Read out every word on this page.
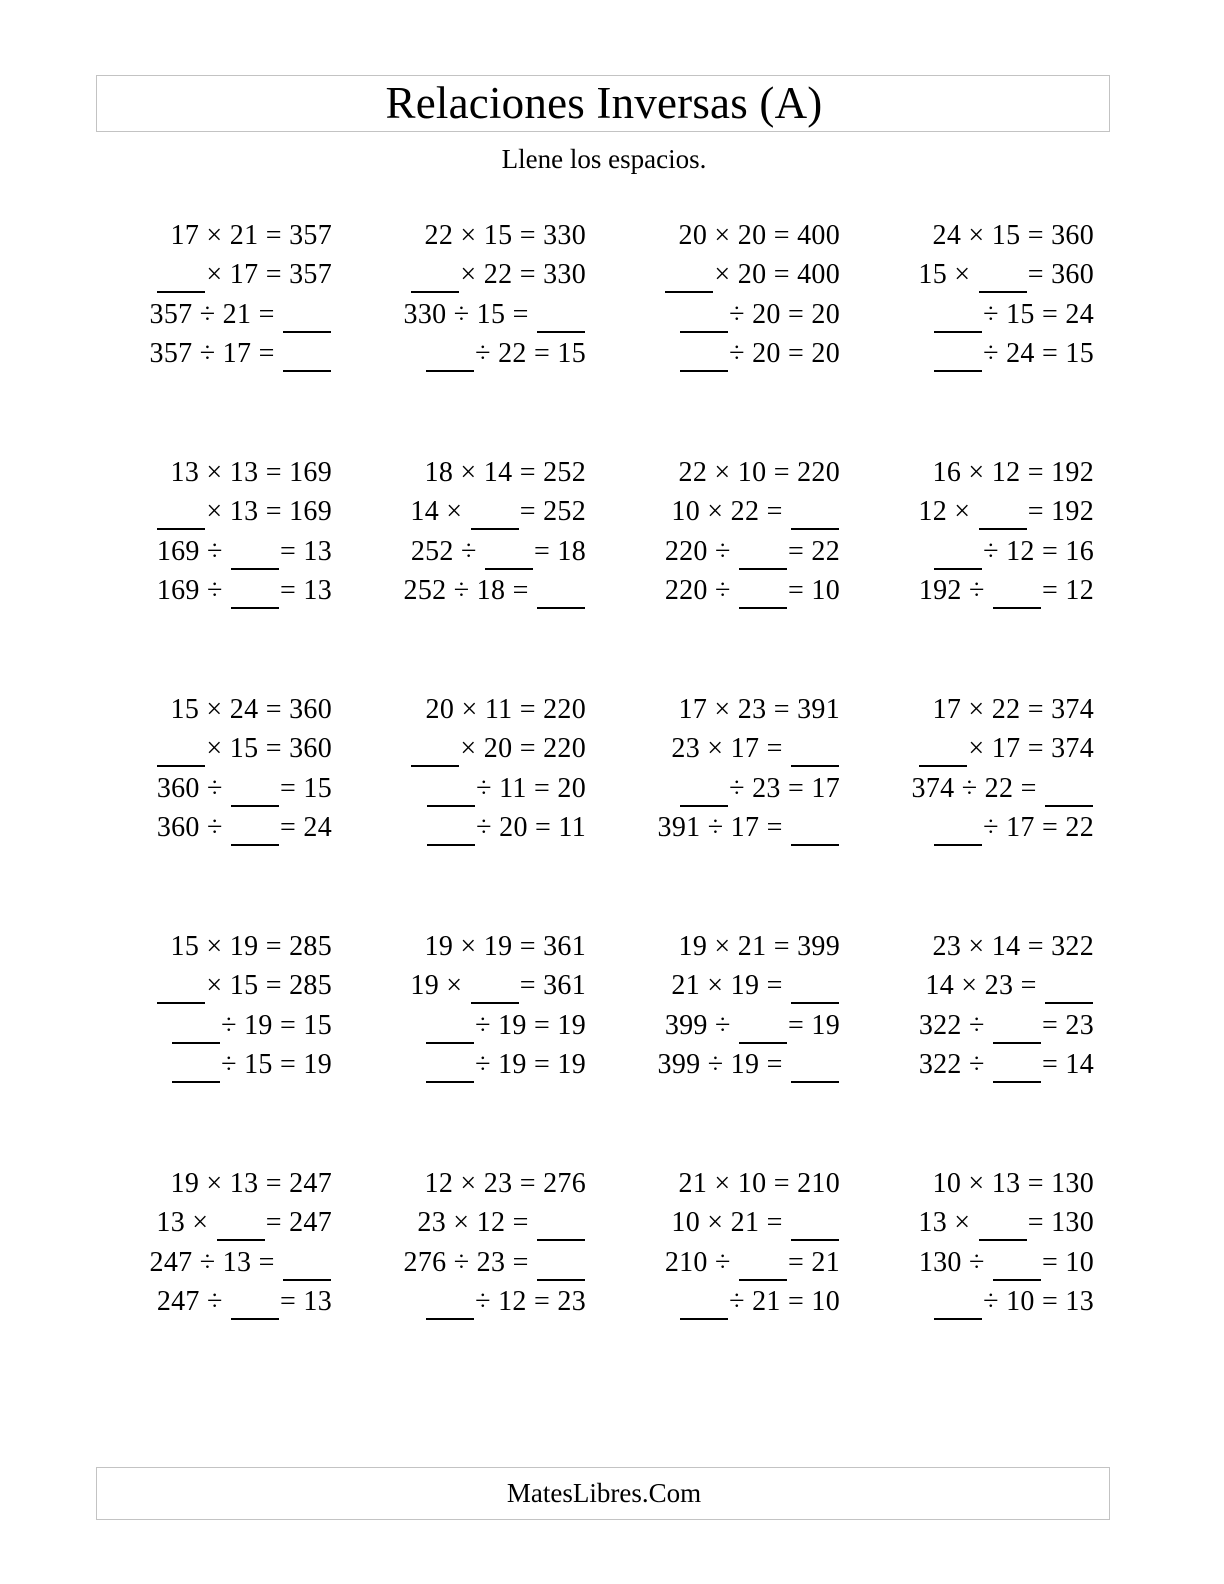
Relaciones Inversas (A)
Llene los espacios.
17 × 21 = 357
× 17 = 357
357 ÷ 21 =
357 ÷ 17 =
22 × 15 = 330
× 22 = 330
330 ÷ 15 =
÷ 22 = 15
20 × 20 = 400
× 20 = 400
÷ 20 = 20
÷ 20 = 20
24 × 15 = 360
15 × = 360
÷ 15 = 24
÷ 24 = 15
13 × 13 = 169
× 13 = 169
169 ÷ = 13
169 ÷ = 13
18 × 14 = 252
14 × = 252
252 ÷ = 18
252 ÷ 18 =
22 × 10 = 220
10 × 22 =
220 ÷ = 22
220 ÷ = 10
16 × 12 = 192
12 × = 192
÷ 12 = 16
192 ÷ = 12
15 × 24 = 360
× 15 = 360
360 ÷ = 15
360 ÷ = 24
20 × 11 = 220
× 20 = 220
÷ 11 = 20
÷ 20 = 11
17 × 23 = 391
23 × 17 =
÷ 23 = 17
391 ÷ 17 =
17 × 22 = 374
× 17 = 374
374 ÷ 22 =
÷ 17 = 22
15 × 19 = 285
× 15 = 285
÷ 19 = 15
÷ 15 = 19
19 × 19 = 361
19 × = 361
÷ 19 = 19
÷ 19 = 19
19 × 21 = 399
21 × 19 =
399 ÷ = 19
399 ÷ 19 =
23 × 14 = 322
14 × 23 =
322 ÷ = 23
322 ÷ = 14
19 × 13 = 247
13 × = 247
247 ÷ 13 =
247 ÷ = 13
12 × 23 = 276
23 × 12 =
276 ÷ 23 =
÷ 12 = 23
21 × 10 = 210
10 × 21 =
210 ÷ = 21
÷ 21 = 10
10 × 13 = 130
13 × = 130
130 ÷ = 10
÷ 10 = 13
MatesLibres.Com
